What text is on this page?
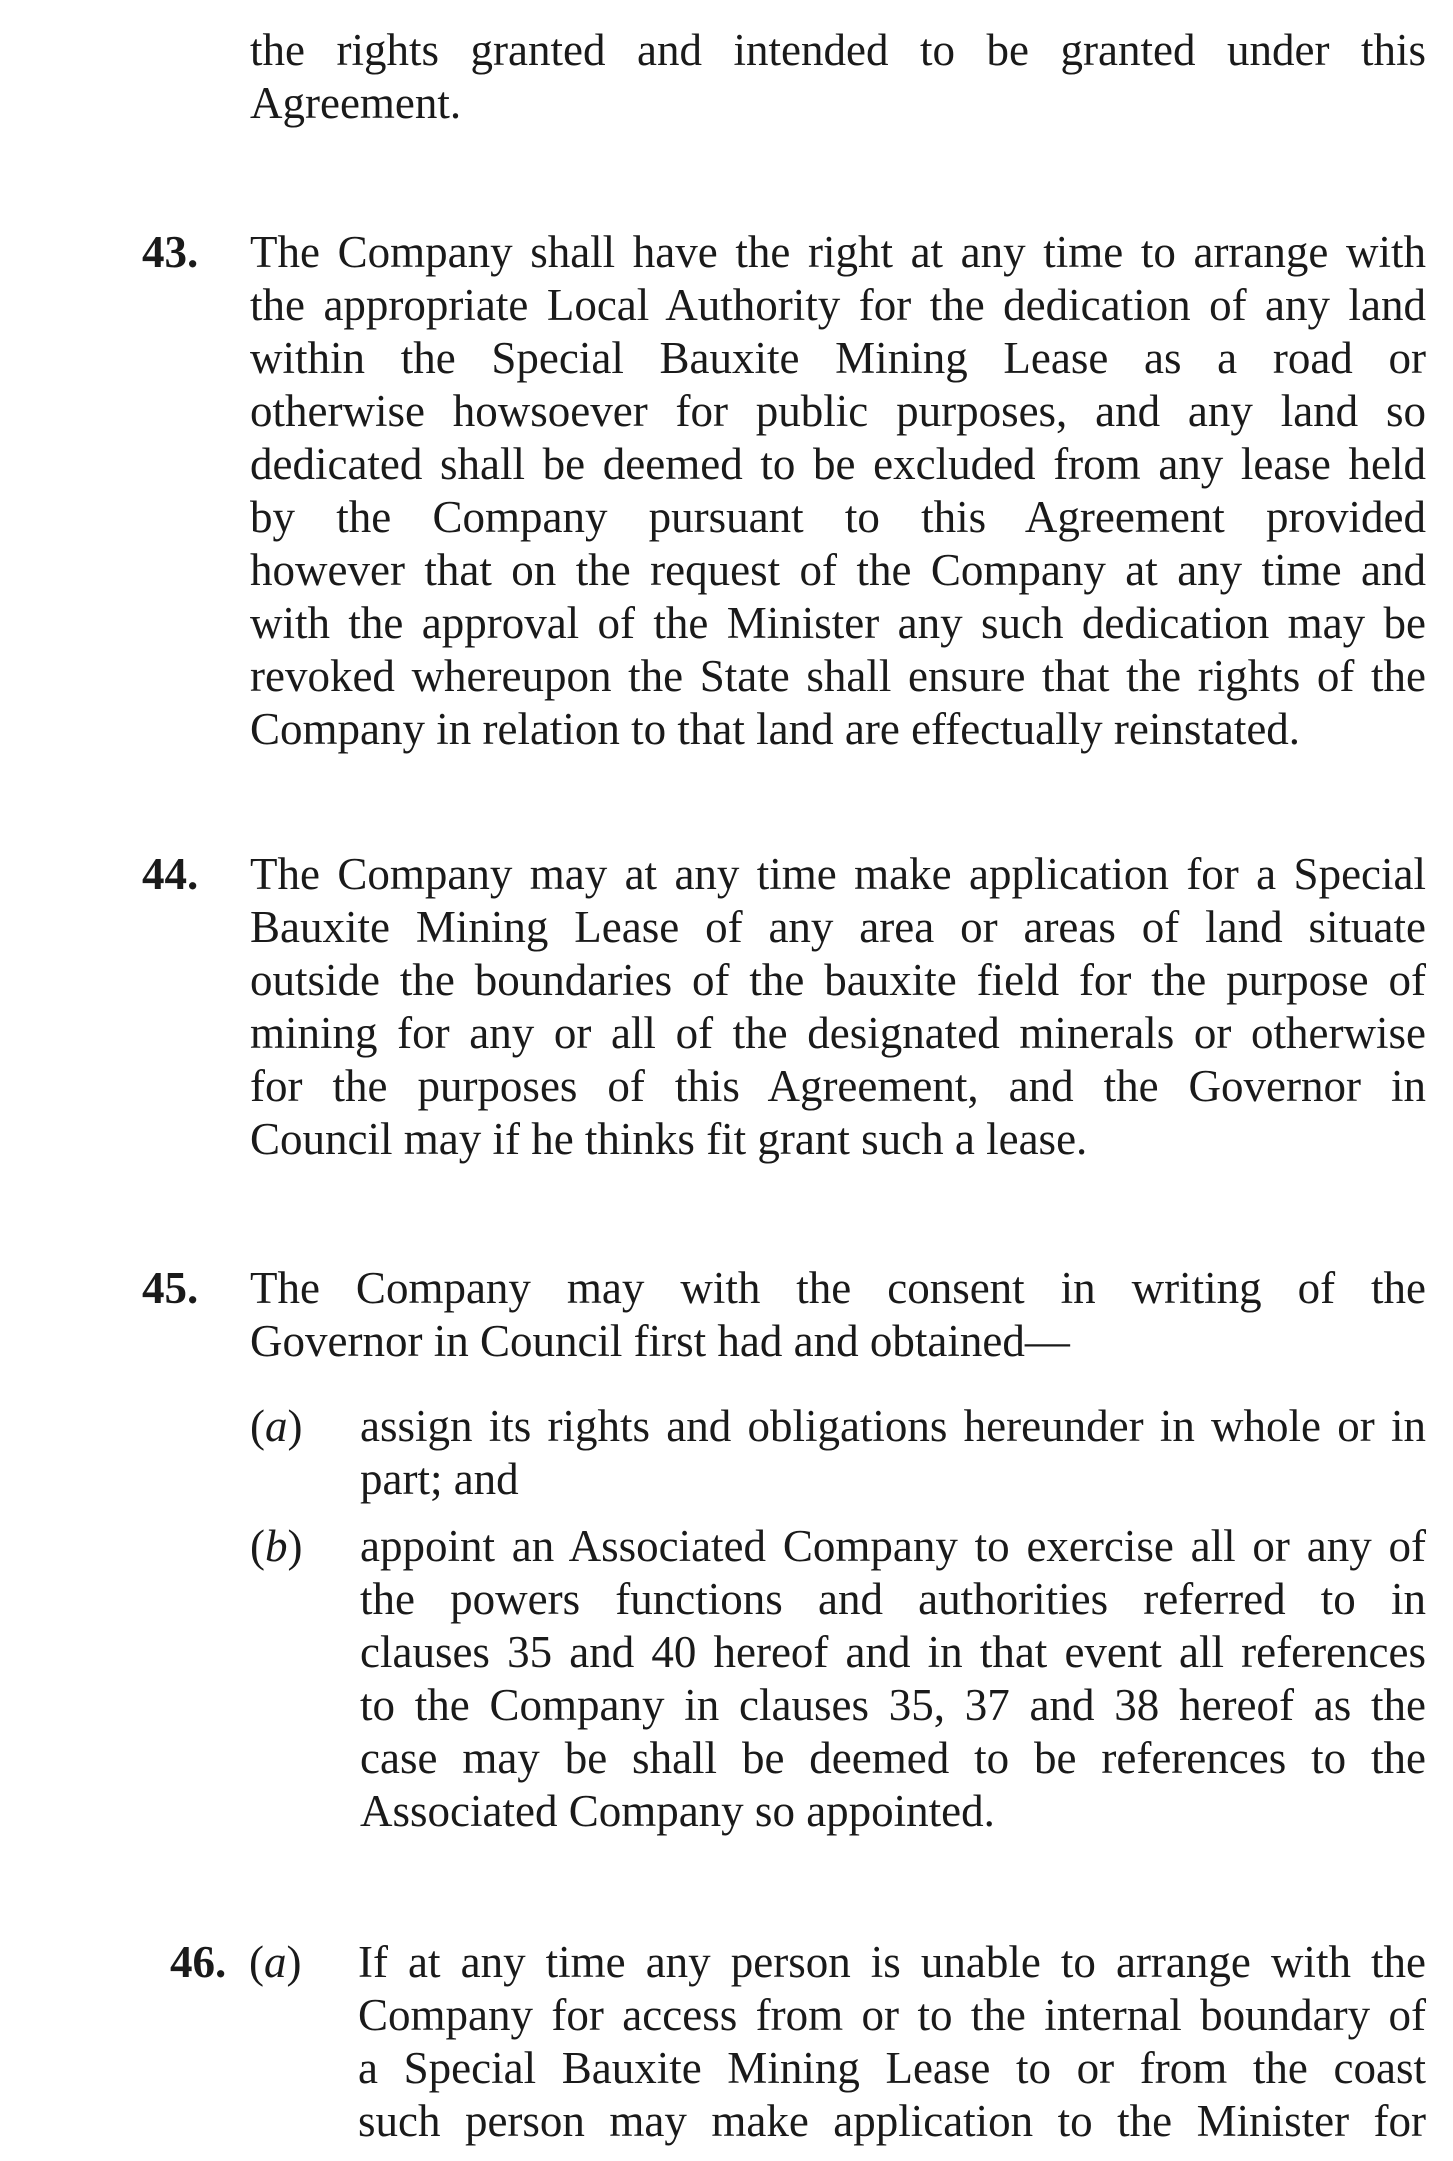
the rights granted and intended to be granted under this
Agreement.
43. The Company shall have the right at any time to arrange with
the appropriate Local Authority for the dedication of any land
within the Special Bauxite Mining Lease as a road or
otherwise howsoever for public purposes, and any land so
dedicated shall be deemed to be excluded from any lease held
by the Company pursuant to this Agreement provided
however that on the request of the Company at any time and
with the approval of the Minister any such dedication may be
revoked whereupon the State shall ensure that the rights of the
Company in relation to that land are effectually reinstated.
44. The Company may at any time make application for a Special
Bauxite Mining Lease of any area or areas of land situate
outside the boundaries of the bauxite field for the purpose of
mining for any or all of the designated minerals or otherwise
for the purposes of this Agreement, and the Governor in
Council may if he thinks fit grant such a lease.
45. The Company may with the consent in writing of the
Governor in Council first had and obtained—
(a) assign its rights and obligations hereunder in whole or in
part; and
(b) appoint an Associated Company to exercise all or any of
the powers functions and authorities referred to in
clauses 35 and 40 hereof and in that event all references
to the Company in clauses 35, 37 and 38 hereof as the
case may be shall be deemed to be references to the
Associated Company so appointed.
46. (a) If at any time any person is unable to arrange with the
Company for access from or to the internal boundary of
a Special Bauxite Mining Lease to or from the coast
such person may make application to the Minister for
